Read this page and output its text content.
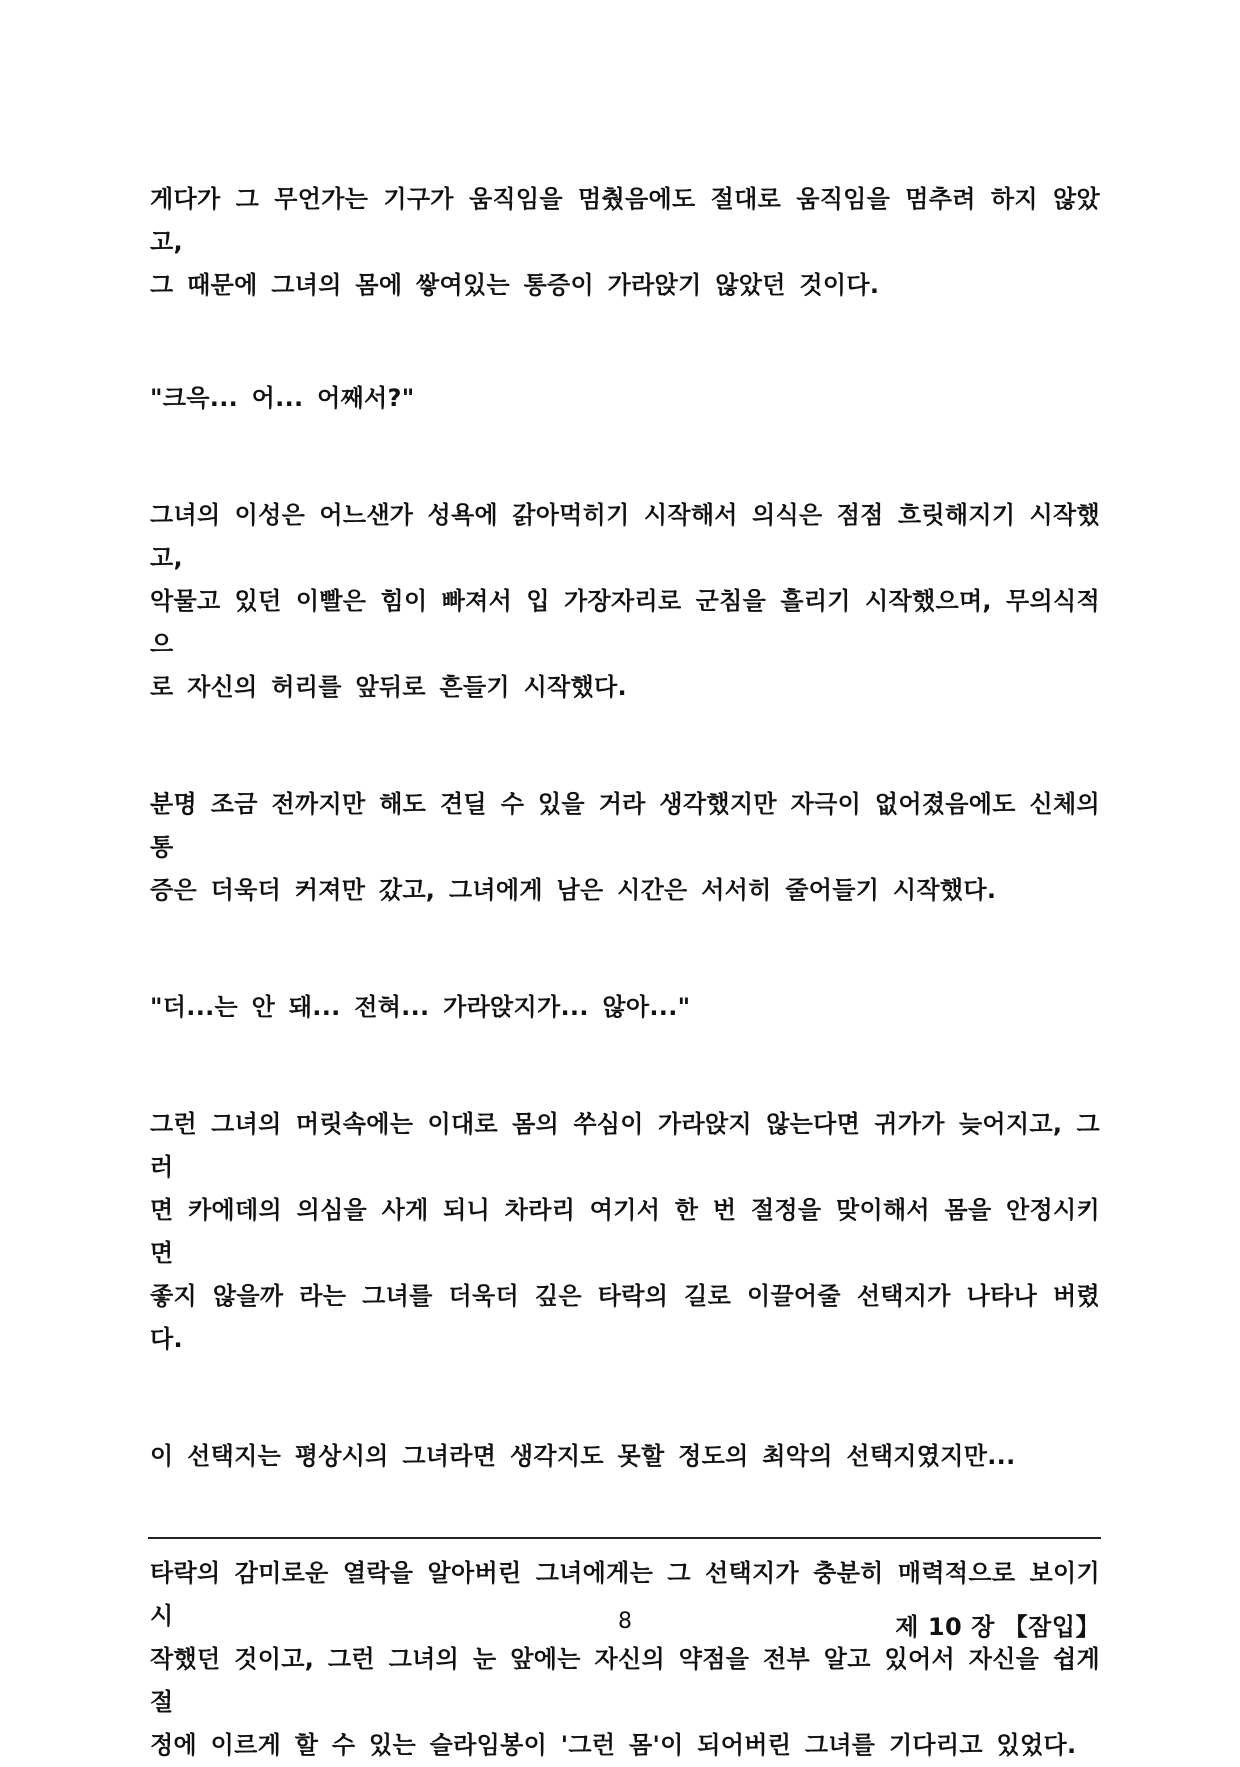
게다가 그 무언가는 기구가 움직임을 멈췄음에도 절대로 움직임을 멈추려 하지 않았고,
그 때문에 그녀의 몸에 쌓여있는 통증이 가라앉기 않았던 것이다.

"크윽... 어... 어째서?"

그녀의 이성은 어느샌가 성욕에 갉아먹히기 시작해서 의식은 점점 흐릿해지기 시작했고,
악물고 있던 이빨은 힘이 빠져서 입 가장자리로 군침을 흘리기 시작했으며, 무의식적으
로 자신의 허리를 앞뒤로 흔들기 시작했다.

분명 조금 전까지만 해도 견딜 수 있을 거라 생각했지만 자극이 없어졌음에도 신체의 통
증은 더욱더 커져만 갔고, 그녀에게 남은 시간은 서서히 줄어들기 시작했다.

"더...는 안 돼... 전혀... 가라앉지가... 않아..."

그런 그녀의 머릿속에는 이대로 몸의 쑤심이 가라앉지 않는다면 귀가가 늦어지고, 그러
면 카에데의 의심을 사게 되니 차라리 여기서 한 번 절정을 맞이해서 몸을 안정시키면
좋지 않을까 라는 그녀를 더욱더 깊은 타락의 길로 이끌어줄 선택지가 나타나 버렸다.

이 선택지는 평상시의 그녀라면 생각지도 못할 정도의 최악의 선택지였지만...

타락의 감미로운 열락을 알아버린 그녀에게는 그 선택지가 충분히 매력적으로 보이기 시
작했던 것이고, 그런 그녀의 눈 앞에는 자신의 약점을 전부 알고 있어서 자신을 쉽게 절
정에 이르게 할 수 있는 슬라임봉이 '그런 몸'이 되어버린 그녀를 기다리고 있었다.

8	제 10 장 【잠입】
